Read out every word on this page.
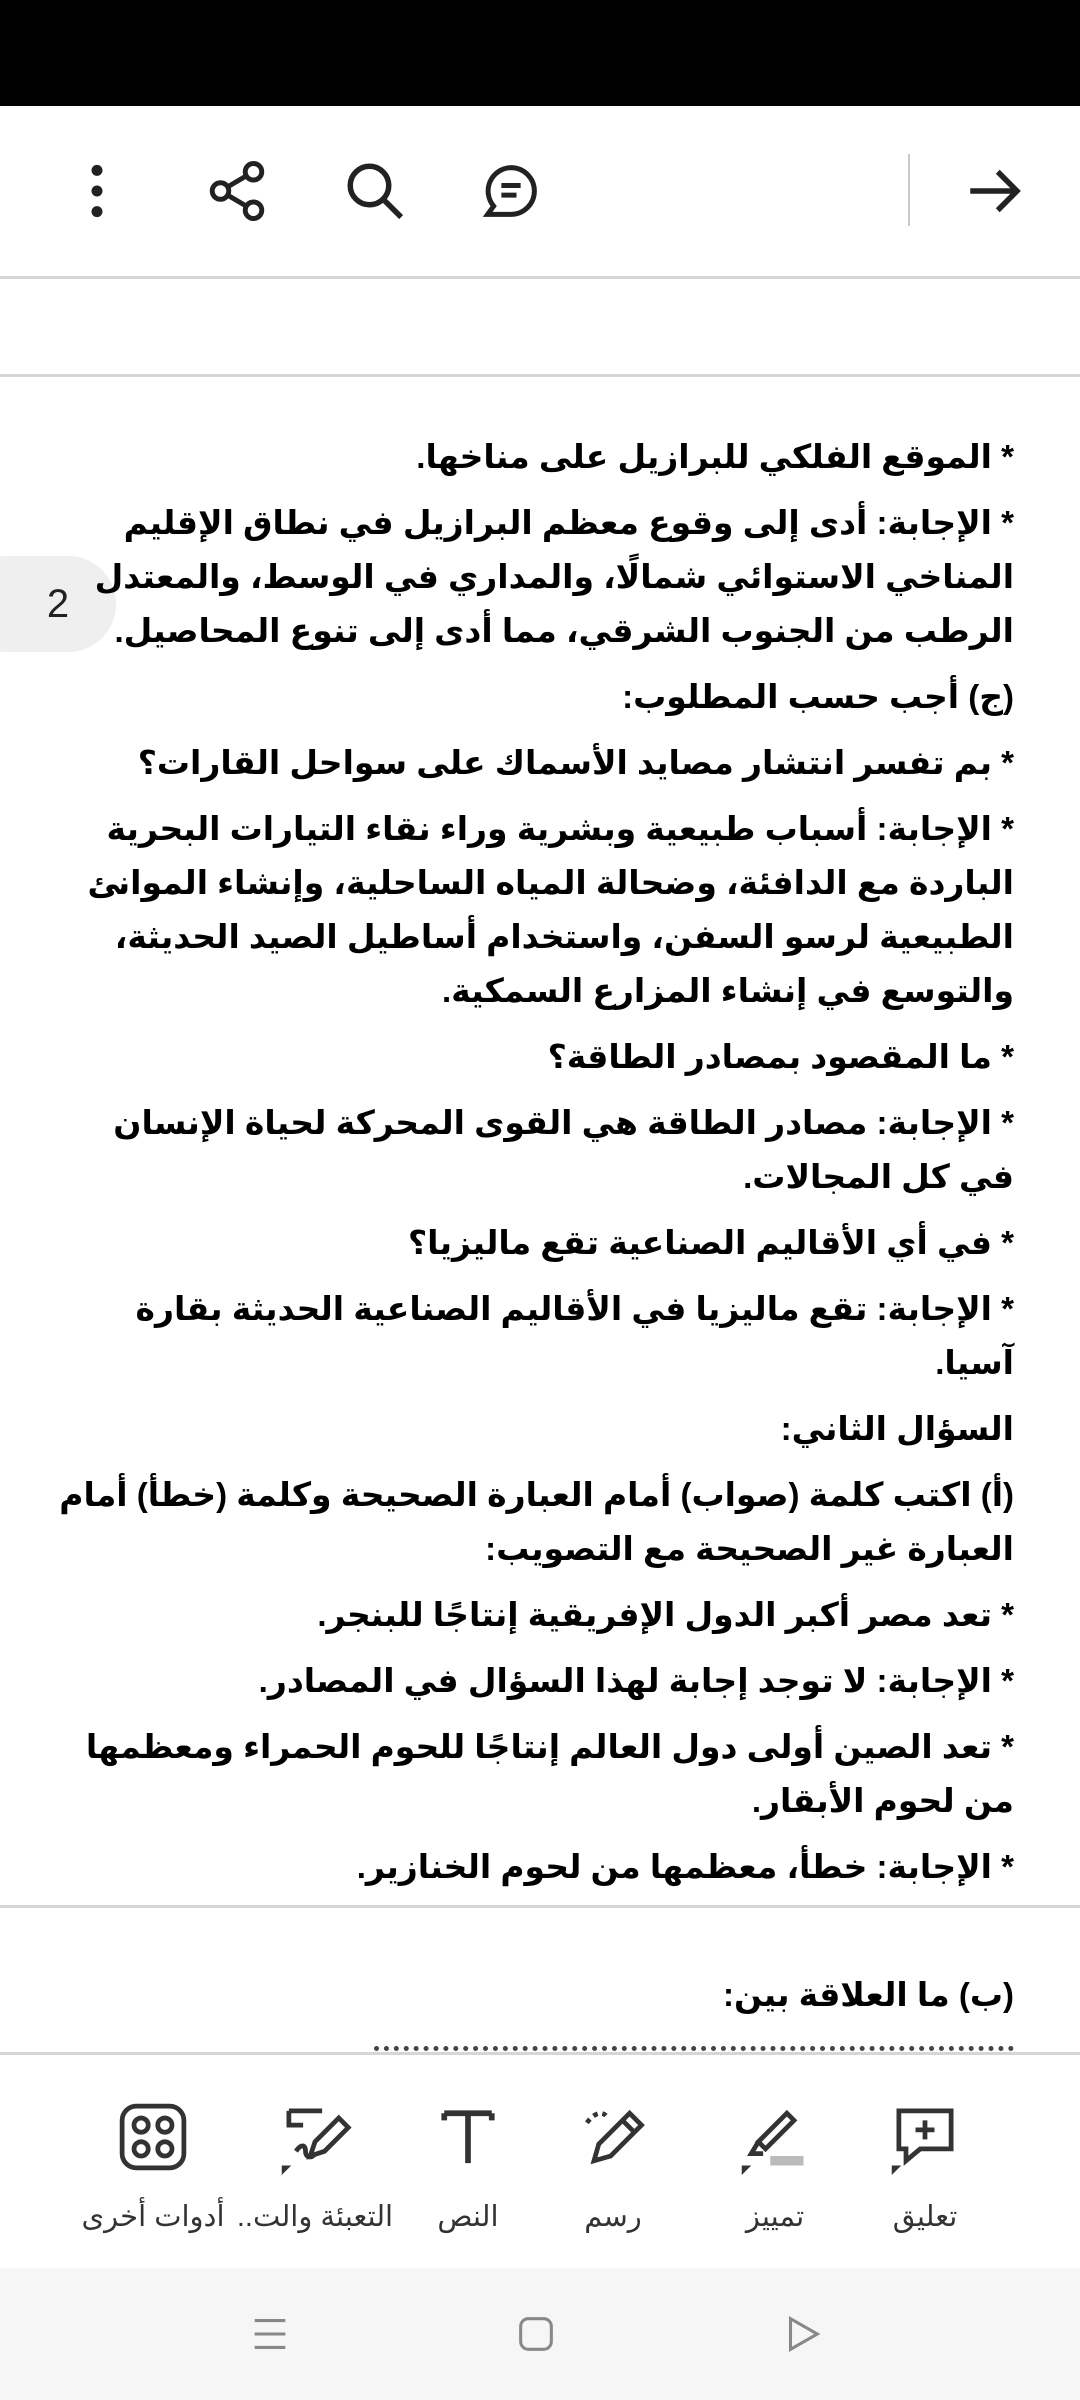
2

* الموقع الفلكي للبرازيل على مناخها.

* الإجابة: أدى إلى وقوع معظم البرازيل في نطاق الإقليم المناخي الاستوائي شمالًا، والمداري في الوسط، والمعتدل الرطب من الجنوب الشرقي، مما أدى إلى تنوع المحاصيل.

(ج) أجب حسب المطلوب:

* بم تفسر انتشار مصايد الأسماك على سواحل القارات؟

* الإجابة: أسباب طبيعية وبشرية وراء نقاء التيارات البحرية الباردة مع الدافئة، وضحالة المياه الساحلية، وإنشاء الموانئ الطبيعية لرسو السفن، واستخدام أساطيل الصيد الحديثة، والتوسع في إنشاء المزارع السمكية.

* ما المقصود بمصادر الطاقة؟

* الإجابة: مصادر الطاقة هي القوى المحركة لحياة الإنسان في كل المجالات.

* في أي الأقاليم الصناعية تقع ماليزيا؟

* الإجابة: تقع ماليزيا في الأقاليم الصناعية الحديثة بقارة آسيا.

السؤال الثاني:

(أ) اكتب كلمة (صواب) أمام العبارة الصحيحة وكلمة (خطأ) أمام العبارة غير الصحيحة مع التصويب:

* تعد مصر أكبر الدول الإفريقية إنتاجًا للبنجر.

* الإجابة: لا توجد إجابة لهذا السؤال في المصادر.

* تعد الصين أولى دول العالم إنتاجًا للحوم الحمراء ومعظمها من لحوم الأبقار.

* الإجابة: خطأ، معظمها من لحوم الخنازير.

(ب) ما العلاقة بين:

تعليق
تمييز
رسم
النص
التعبئة والت..
أدوات أخرى
